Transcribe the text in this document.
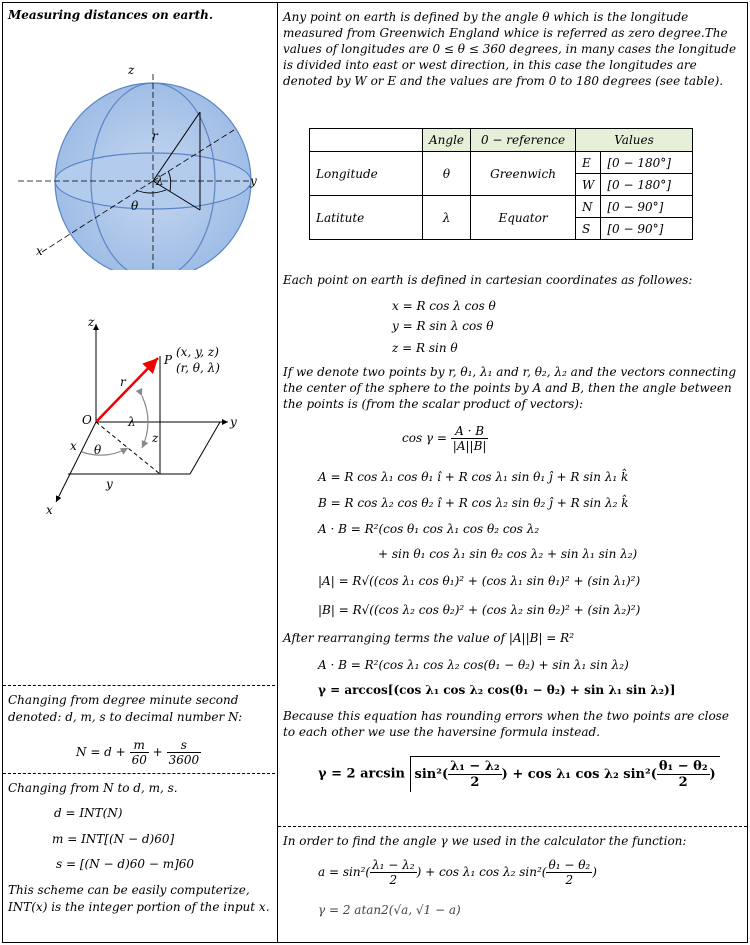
Measuring distances on earth.
z
y
x
r
λ
θ
z
y
x
O
r
λ
θ
z
y
x
P
(x, y, z)
(r, θ, λ)
Changing from degree minute second denoted: d, m, s to decimal number N:
$N = d + \frac{m}{60} + \frac{s}{3600}$
Changing from N to d, m, s.
d = INT(N)
m = INT[(N − d)60]
s = [(N − d)60 − m]60
This scheme can be easily computerize, INT(x) is the integer portion of the input x.
Any point on earth is defined by the angle θ which is the longitude measured from Greenwich England whice is referred as zero degree.The values of longitudes are 0 ≤ θ ≤ 360 degrees, in many cases the longitude is divided into east or west direction, in this case the longitudes are denoted by W or E and the values are from 0 to 180 degrees (see table).
	Angle	0 − reference	Values	
Longitude	θ	Greenwich	E	[0 − 180°]
			W	[0 − 180°]
Latitute	λ	Equator	N	[0 − 90°]
			S	[0 − 90°]
Each point on earth is defined in cartesian coordinates as followes:
x = R cos λ cos θ
y = R sin λ cos θ
z = R sin θ
If we denote two points by r, θ₁, λ₁ and r, θ₂, λ₂ and the vectors connecting the center of the sphere to the points by A and B, then the angle between the points is (from the scalar product of vectors):
$\cos \gamma = \frac{A \cdot B}{|A||B|}$
A = R cos λ₁ cos θ₁ î + R cos λ₁ sin θ₁ ĵ + R sin λ₁ k̂
B = R cos λ₂ cos θ₂ î + R cos λ₂ sin θ₂ ĵ + R sin λ₂ k̂
A · B = R²(cos θ₁ cos λ₁ cos θ₂ cos λ₂
+ sin θ₁ cos λ₁ sin θ₂ cos λ₂ + sin λ₁ sin λ₂)
|A| = R√((cos λ₁ cos θ₁)² + (cos λ₁ sin θ₁)² + (sin λ₁)²)
|B| = R√((cos λ₂ cos θ₂)² + (cos λ₂ sin θ₂)² + (sin λ₂)²)
After rearranging terms the value of |A||B| = R²
A · B = R²(cos λ₁ cos λ₂ cos(θ₁ − θ₂) + sin λ₁ sin λ₂)
γ = arccos[(cos λ₁ cos λ₂ cos(θ₁ − θ₂) + sin λ₁ sin λ₂)]
Because this equation has rounding errors when the two points are close to each other we use the haversine formula instead.
γ = 2 $\arcsin \sin^2( \frac{\text{λ₁ − λ₂}}{2}$ ) + cos λ₁ cos λ₂ $\sin^2( \frac{\text{θ₁ − θ₂}}{2}$ )
In order to find the angle γ we used in the calculator the function:
$a = \sin^2( \frac{\text{λ₁ − λ₂}}{2}$ ) + cos λ₁ cos λ₂ $\sin^2( \frac{\text{θ₁ − θ₂}}{2}$ )
γ = 2 atan2(√a, √1 − a)
